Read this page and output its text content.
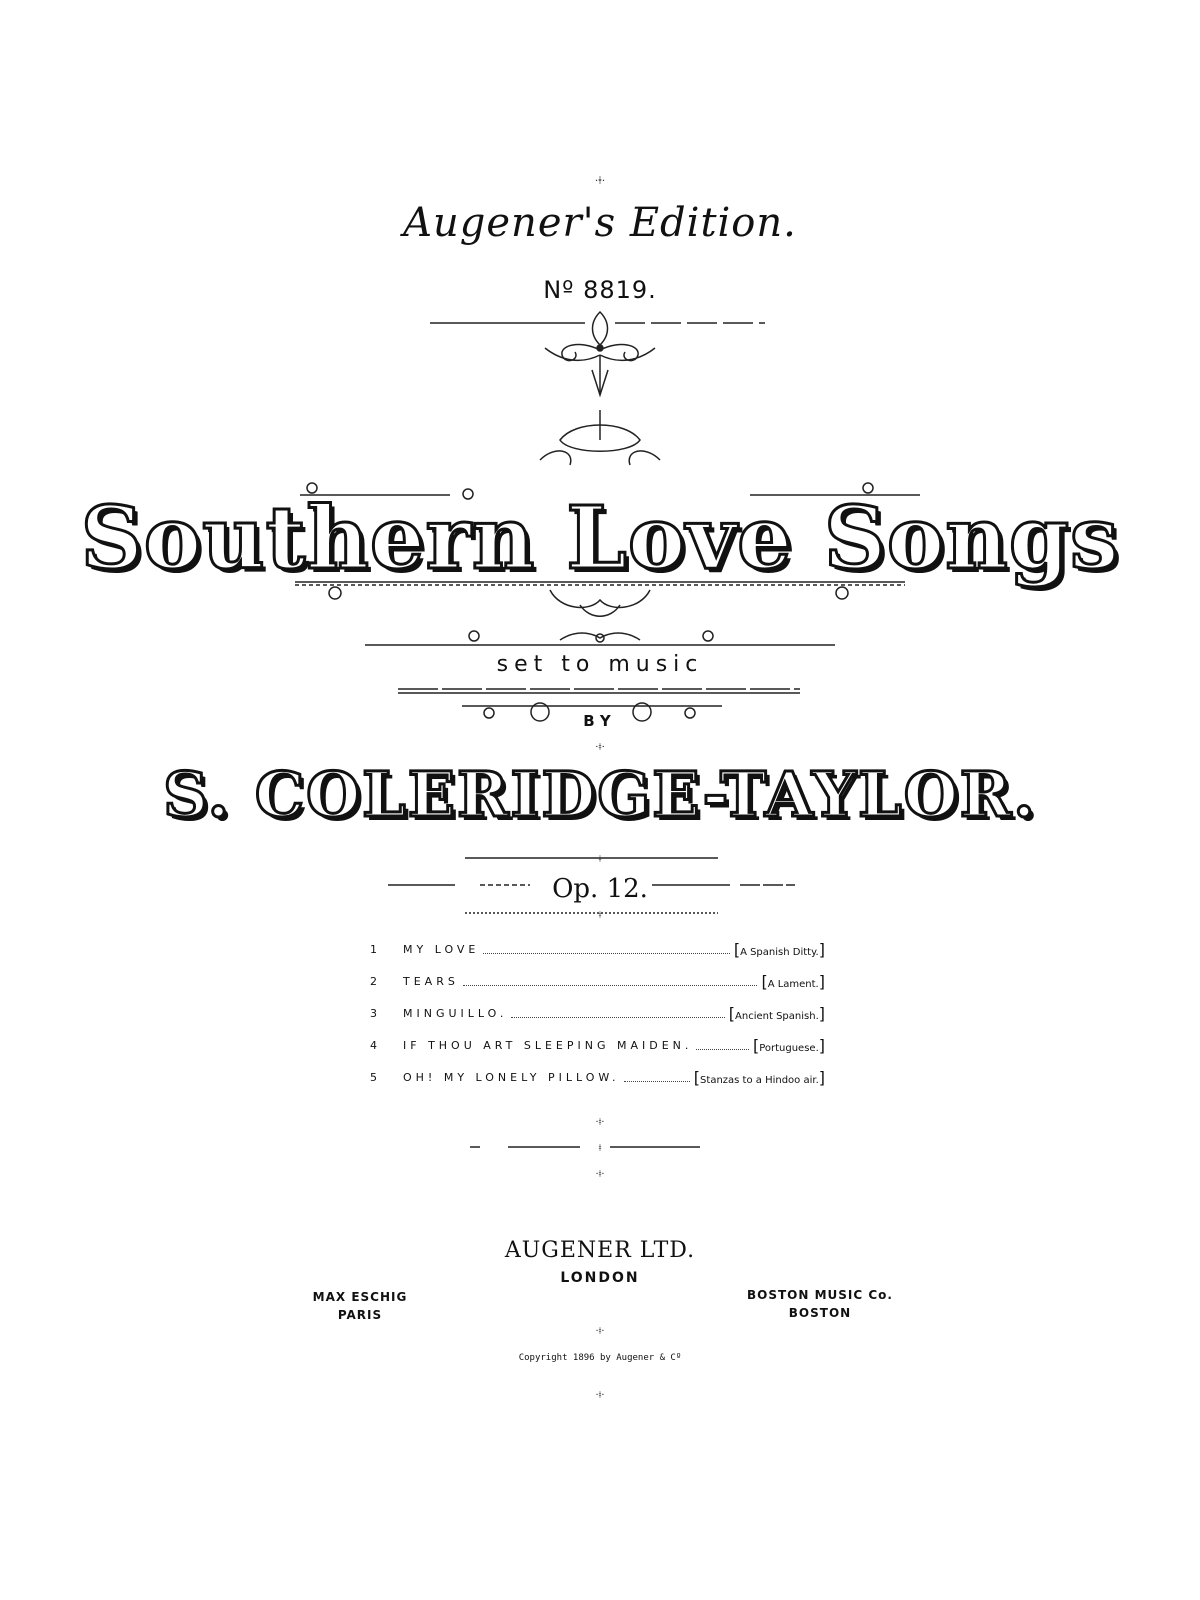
·ǂ·
·ǂ·
ǂ
ǂ
·ǂ·
ǂ
·ǂ·
·ǂ·
·ǂ·
Augener's Edition.
Nº 8819.
Southern Love Songs
set to music
BY
S. COLERIDGE-TAYLOR.
Op. 12.
1	MY LOVE	[ A Spanish Ditty. ]
2	TEARS	[ A Lament. ]
3	MINGUILLO.	[ Ancient Spanish. ]
4	IF THOU ART SLEEPING MAIDEN.	[ Portuguese. ]
5	OH! MY LONELY PILLOW.	[ Stanzas to a Hindoo air. ]
AUGENER LTD.
LONDON
MAX ESCHIG
PARIS
BOSTON MUSIC Co.
BOSTON
Copyright 1896 by Augener & Cº
